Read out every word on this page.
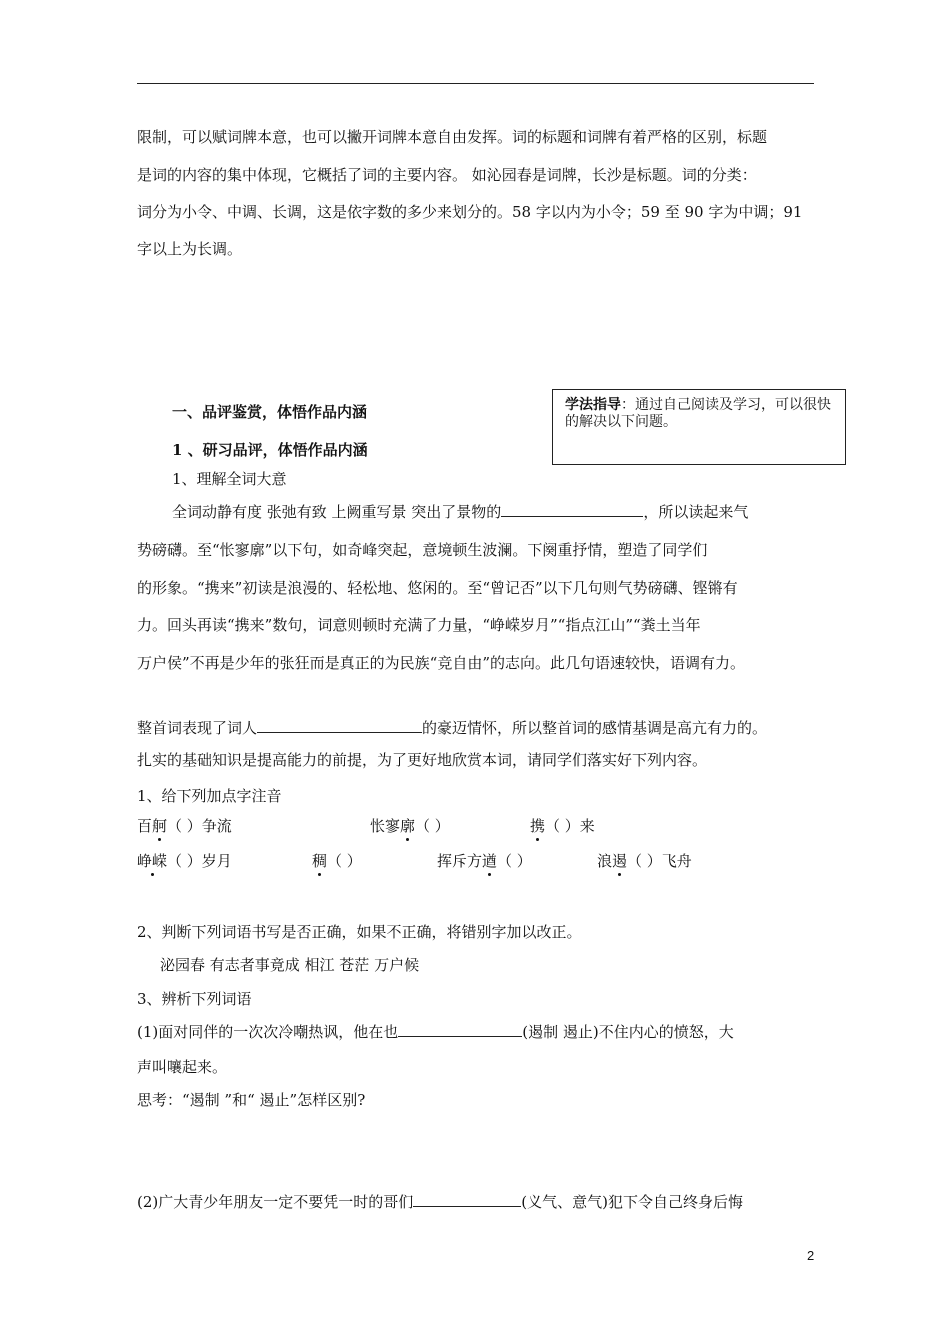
限制，可以赋词牌本意，也可以撇开词牌本意自由发挥。词的标题和词牌有着严格的区别，标题
是词的内容的集中体现，它概括了词的主要内容。 如沁园春是词牌，长沙是标题。词的分类：
词分为小令、中调、长调，这是依字数的多少来划分的。58 字以内为小令；59 至 90 字为中调；91
字以上为长调。
一、品评鉴赏，体悟作品内涵
1 、研习品评，体悟作品内涵
1、理解全词大意
学法指导：通过自己阅读及学习，可以很快的解决以下问题。
全词动静有度 张弛有致 上阙重写景 突出了景物的	，所以读起来气
势磅礴。至“怅寥廓”以下句，如奇峰突起，意境顿生波澜。下阕重抒情，塑造了同学们
的形象。“携来”初读是浪漫的、轻松地、悠闲的。至“曾记否”以下几句则气势磅礴、铿锵有
力。回头再读“携来”数句，词意则顿时充满了力量，“峥嵘岁月”“指点江山”“粪土当年
万户侯”不再是少年的张狂而是真正的为民族“竞自由”的志向。此几句语速较快，语调有力。
整首词表现了词人	的豪迈情怀，所以整首词的感情基调是高亢有力的。
扎实的基础知识是提高能力的前提，为了更好地欣赏本词，请同学们落实好下列内容。
1、给下列加点字注音
百舸（ ）争流	怅寥廓（ ）	携（ ）来
峥嵘（ ）岁月	稠（ ）	挥斥方遒（ ）	浪遏（ ）飞舟
2、判断下列词语书写是否正确，如果不正确，将错别字加以改正。
泌园春 有志者事竟成 相江 苍茫 万户候
3、辨析下列词语
(1)面对同伴的一次次冷嘲热讽，他在也	(遏制 遏止)不住内心的愤怒，大
声叫嚷起来。
思考：“遏制 ”和“ 遏止”怎样区别?
(2)广大青少年朋友一定不要凭一时的哥们	(义气、意气)犯下令自己终身后悔
2
